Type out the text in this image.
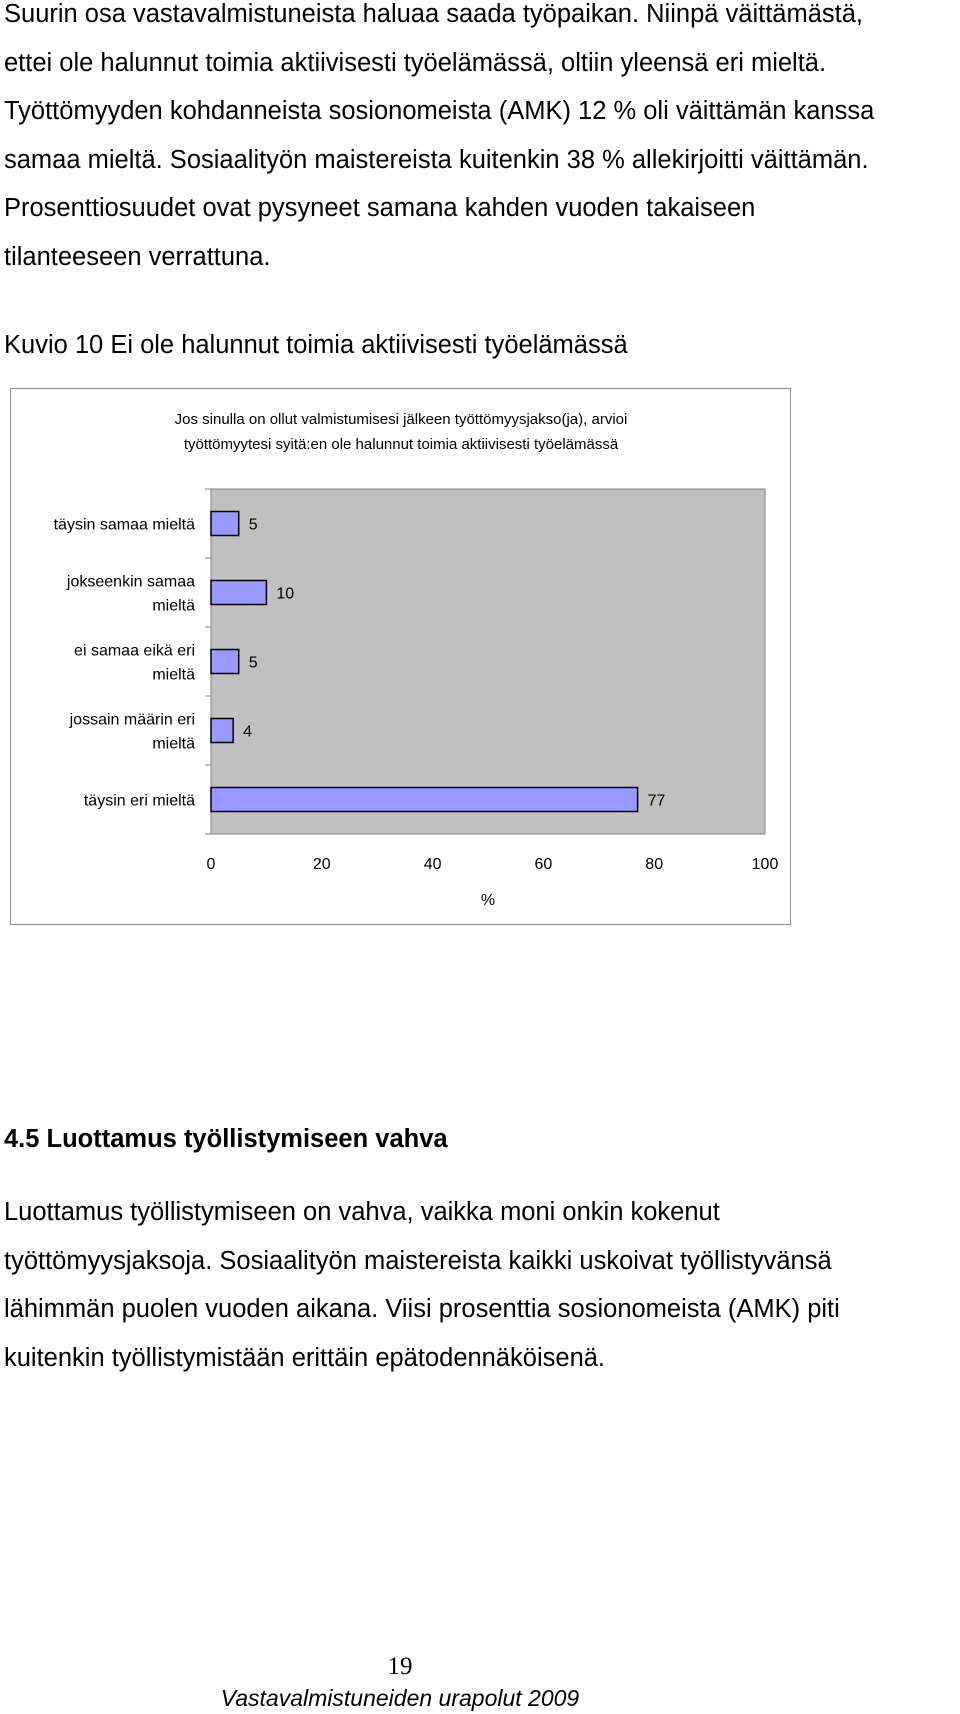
Suurin osa vastavalmistuneista haluaa saada työpaikan. Niinpä väittämästä,
ettei ole halunnut toimia aktiivisesti työelämässä, oltiin yleensä eri mieltä.
Työttömyyden kohdanneista sosionomeista (AMK) 12 % oli väittämän kanssa
samaa mieltä. Sosiaalityön maistereista kuitenkin 38 % allekirjoitti väittämän.
Prosenttiosuudet ovat pysyneet samana kahden vuoden takaiseen
tilanteeseen verrattuna.
Kuvio 10 Ei ole halunnut toimia aktiivisesti työelämässä
Jos sinulla on ollut valmistumisesi jälkeen työttömyysjakso(ja), arvioi
työttömyytesi syitä:en ole halunnut toimia aktiivisesti työelämässä
5
täysin samaa mieltä
10
jokseenkin samaa
mieltä
5
ei samaa eikä eri
mieltä
4
jossain määrin eri
mieltä
77
täysin eri mieltä
0	20	40	60	80	100
%
4.5 Luottamus työllistymiseen vahva
Luottamus työllistymiseen on vahva, vaikka moni onkin kokenut
työttömyysjaksoja. Sosiaalityön maistereista kaikki uskoivat työllistyvänsä
lähimmän puolen vuoden aikana. Viisi prosenttia sosionomeista (AMK) piti
kuitenkin työllistymistään erittäin epätodennäköisenä.
19
Vastavalmistuneiden urapolut 2009
